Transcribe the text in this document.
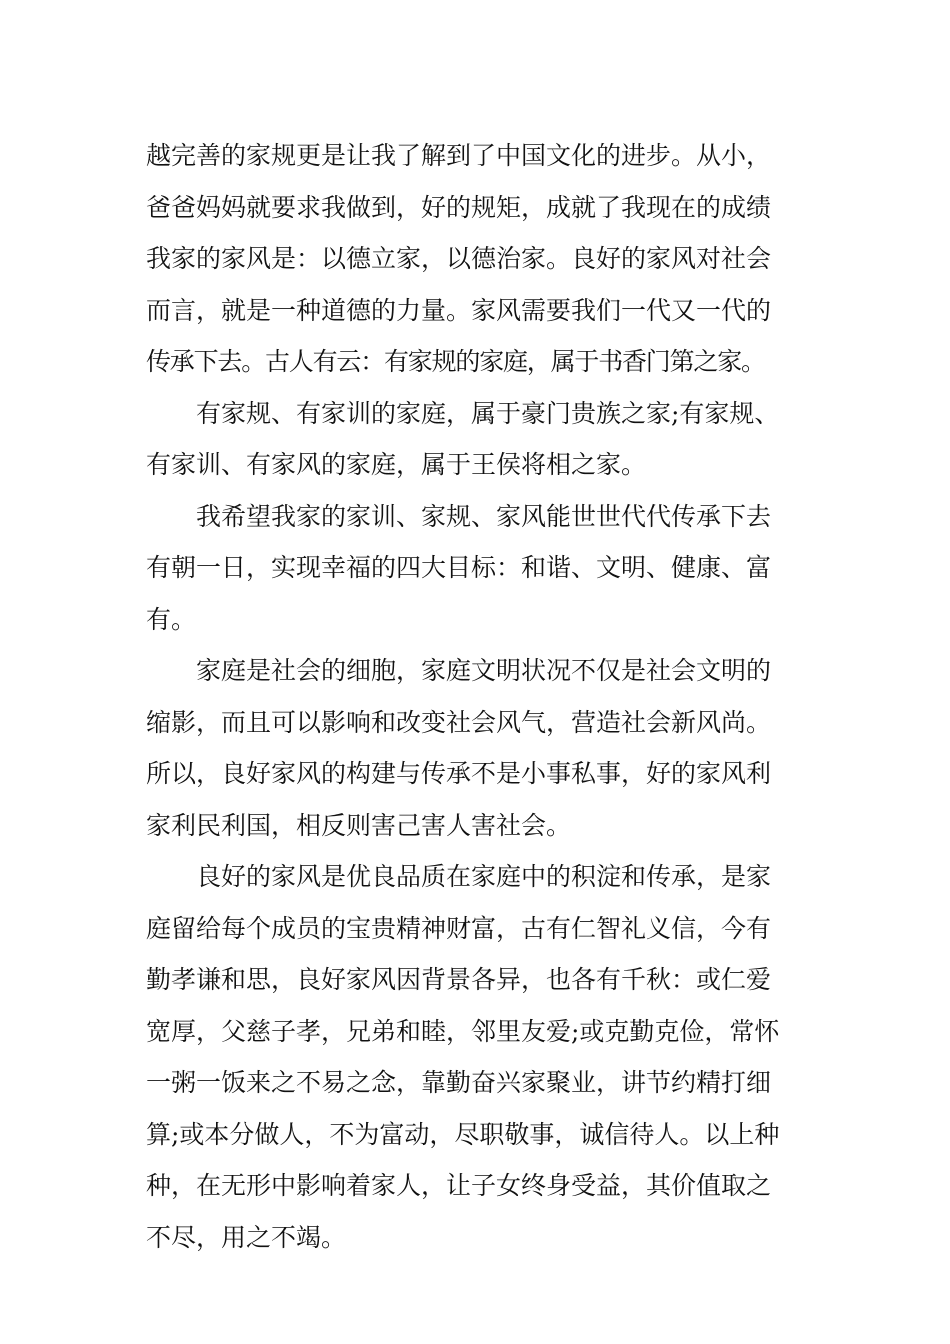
越完善的家规更是让我了解到了中国文化的进步。从小，
爸爸妈妈就要求我做到，好的规矩，成就了我现在的成绩
我家的家风是：以德立家，以德治家。良好的家风对社会
而言，就是一种道德的力量。家风需要我们一代又一代的
传承下去。古人有云：有家规的家庭，属于书香门第之家。
有家规、有家训的家庭，属于豪门贵族之家;有家规、
有家训、有家风的家庭，属于王侯将相之家。
我希望我家的家训、家规、家风能世世代代传承下去
有朝一日，实现幸福的四大目标：和谐、文明、健康、富
有。
家庭是社会的细胞，家庭文明状况不仅是社会文明的
缩影，而且可以影响和改变社会风气，营造社会新风尚。
所以，良好家风的构建与传承不是小事私事，好的家风利
家利民利国，相反则害己害人害社会。
良好的家风是优良品质在家庭中的积淀和传承，是家
庭留给每个成员的宝贵精神财富，古有仁智礼义信，今有
勤孝谦和思，良好家风因背景各异，也各有千秋：或仁爱
宽厚，父慈子孝，兄弟和睦，邻里友爱;或克勤克俭，常怀
一粥一饭来之不易之念，靠勤奋兴家聚业，讲节约精打细
算;或本分做人，不为富动，尽职敬事，诚信待人。以上种
种，在无形中影响着家人，让子女终身受益，其价值取之
不尽，用之不竭。
